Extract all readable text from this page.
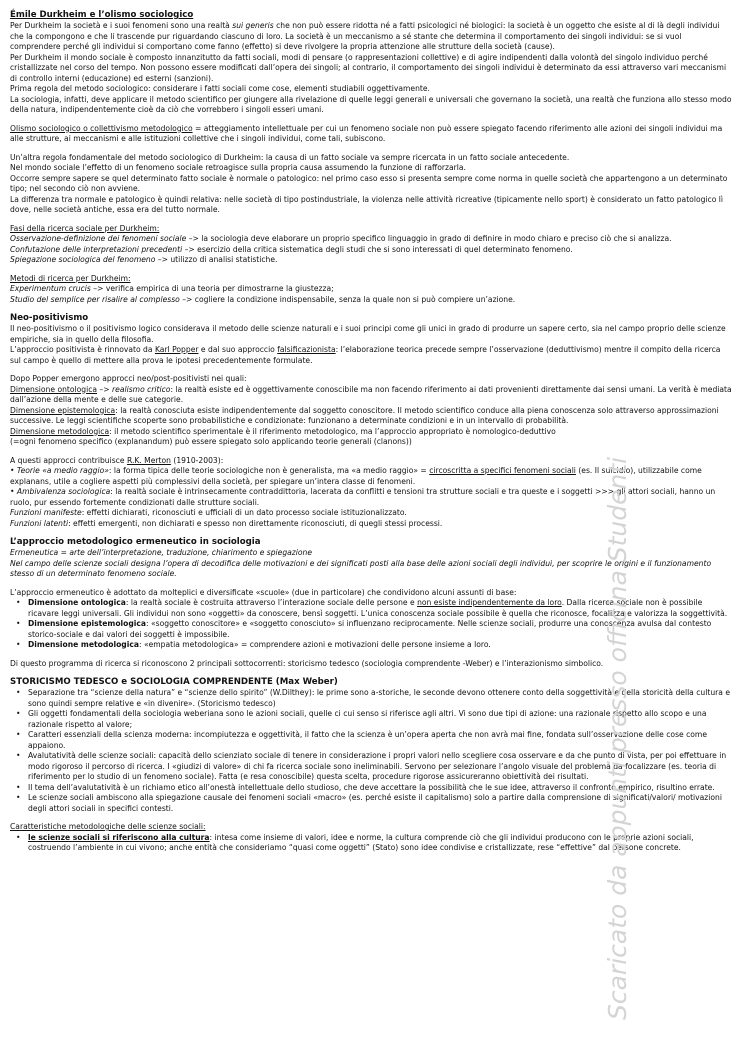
Émile Durkheim e l’olismo sociologico

Per Durkheim la società e i suoi fenomeni sono una realtà sui generis che non può essere ridotta né a fatti psicologici né biologici: la società è un oggetto che esiste al di là degli individui che la compongono e che li trascende pur riguardando ciascuno di loro. La società è un meccanismo a sé stante che determina il comportamento dei singoli individui: se si vuol comprendere perché gli individui si comportano come fanno (effetto) si deve rivolgere la propria attenzione alle strutture della società (cause).

Per Durkheim il mondo sociale è composto innanzitutto da fatti sociali, modi di pensare (o rappresentazioni collettive) e di agire indipendenti dalla volontà del singolo individuo perché cristallizzate nel corso del tempo. Non possono essere modificati dall’opera dei singoli; al contrario, il comportamento dei singoli individui è determinato da essi attraverso vari meccanismi di controllo interni (educazione) ed esterni (sanzioni).

Prima regola del metodo sociologico: considerare i fatti sociali come cose, elementi studiabili oggettivamente.

La sociologia, infatti, deve applicare il metodo scientifico per giungere alla rivelazione di quelle leggi generali e universali che governano la società, una realtà che funziona allo stesso modo della natura, indipendentemente cioè da ciò che vorrebbero i singoli esseri umani.

Olismo sociologico o collettivismo metodologico = atteggiamento intellettuale per cui un fenomeno sociale non può essere spiegato facendo riferimento alle azioni dei singoli individui ma alle strutture, ai meccanismi e alle istituzioni collettive che i singoli individui, come tali, subiscono.

Un’altra regola fondamentale del metodo sociologico di Durkheim: la causa di un fatto sociale va sempre ricercata in un fatto sociale antecedente.

Nel mondo sociale l’effetto di un fenomeno sociale retroagisce sulla propria causa assumendo la funzione di rafforzarla.

Occorre sempre sapere se quel determinato fatto sociale è normale o patologico: nel primo caso esso si presenta sempre come norma in quelle società che appartengono a un determinato tipo; nel secondo ciò non avviene.

La differenza tra normale e patologico è quindi relativa: nelle società di tipo postindustriale, la violenza nelle attività ricreative (tipicamente nello sport) è considerato un fatto patologico lì dove, nelle società antiche, essa era del tutto normale.

Fasi della ricerca sociale per Durkheim:

Osservazione-definizione dei fenomeni sociale –> la sociologia deve elaborare un proprio specifico linguaggio in grado di definire in modo chiaro e preciso ciò che si analizza.

Confutazione delle interpretazioni precedenti –> esercizio della critica sistematica degli studi che si sono interessati di quel determinato fenomeno.

Spiegazione sociologica del fenomeno –> utilizzo di analisi statistiche.

Metodi di ricerca per Durkheim:

Experimentum crucis –> verifica empirica di una teoria per dimostrarne la giustezza;

Studio del semplice per risalire al complesso –> cogliere la condizione indispensabile, senza la quale non si può compiere un’azione.

Neo-positivismo

Il neo-positivismo o il positivismo logico considerava il metodo delle scienze naturali e i suoi principi come gli unici in grado di produrre un sapere certo, sia nel campo proprio delle scienze empiriche, sia in quello della filosofia.

L’approccio positivista è rinnovato da Karl Popper e dal suo approccio falsificazionista: l’elaborazione teorica precede sempre l’osservazione (deduttivismo) mentre il compito della ricerca sul campo è quello di mettere alla prova le ipotesi precedentemente formulate.

Dopo Popper emergono approcci neo/post-positivisti nei quali:

Dimensione ontologica –> realismo critico: la realtà esiste ed è oggettivamente conoscibile ma non facendo riferimento ai dati provenienti direttamente dai sensi umani. La verità è mediata dall’azione della mente e delle sue categorie.

Dimensione epistemologica: la realtà conosciuta esiste indipendentemente dal soggetto conoscitore. Il metodo scientifico conduce alla piena conoscenza solo attraverso approssimazioni successive. Le leggi scientifiche scoperte sono probabilistiche e condizionate: funzionano a determinate condizioni e in un intervallo di probabilità.

Dimensione metodologica: il metodo scientifico sperimentale è il riferimento metodologico, ma l’approccio appropriato è nomologico-deduttivo

(=ogni fenomeno specifico (explanandum) può essere spiegato solo applicando teorie generali (clanons))

A questi approcci contribuisce R.K. Merton (1910-2003):

• Teorie «a medio raggio»: la forma tipica delle teorie sociologiche non è generalista, ma «a medio raggio» = circoscritta a specifici fenomeni sociali (es. Il suicidio), utilizzabile come explanans, utile a cogliere aspetti più complessivi della società, per spiegare un’intera classe di fenomeni.

• Ambivalenza sociologica: la realtà sociale è intrinsecamente contraddittoria, lacerata da conflitti e tensioni tra strutture sociali e tra queste e i soggetti >>> gli attori sociali, hanno un ruolo, pur essendo fortemente condizionati dalle strutture sociali.

Funzioni manifeste: effetti dichiarati, riconosciuti e ufficiali di un dato processo sociale istituzionalizzato.

Funzioni latenti: effetti emergenti, non dichiarati e spesso non direttamente riconosciuti, di quegli stessi processi.

L’approccio metodologico ermeneutico in sociologia

Ermeneutica = arte dell’interpretazione, traduzione, chiarimento e spiegazione

Nel campo delle scienze sociali designa l’opera di decodifica delle motivazioni e dei significati posti alla base delle azioni sociali degli individui, per scoprire le origini e il funzionamento stesso di un determinato fenomeno sociale.

L’approccio ermeneutico è adottato da molteplici e diversificate «scuole» (due in particolare) che condividono alcuni assunti di base:

• Dimensione ontologica: la realtà sociale è costruita attraverso l’interazione sociale delle persone e non esiste indipendentemente da loro. Dalla ricerca sociale non è possibile ricavare leggi universali. Gli individui non sono «oggetti» da conoscere, bensì soggetti. L’unica conoscenza sociale possibile è quella che riconosce, focalizza e valorizza la soggettività.
• Dimensione epistemologica: «soggetto conoscitore» e «soggetto conosciuto» si influenzano reciprocamente. Nelle scienze sociali, produrre una conoscenza avulsa dal contesto storico-sociale e dai valori dei soggetti è impossibile.
• Dimensione metodologica: «empatia metodologica» = comprendere azioni e motivazioni delle persone insieme a loro.

Di questo programma di ricerca si riconoscono 2 principali sottocorrenti: storicismo tedesco (sociologia comprendente -Weber) e l’interazionismo simbolico.

STORICISMO TEDESCO e SOCIOLOGIA COMPRENDENTE (Max Weber)

• Separazione tra “scienze della natura” e “scienze dello spirito” (W.Dilthey): le prime sono a-storiche, le seconde devono ottenere conto della soggettività e della storicità della cultura e sono quindi sempre relative e «in divenire». (Storicismo tedesco)
• Gli oggetti fondamentali della sociologia weberiana sono le azioni sociali, quelle ci cui senso si riferisce agli altri. Vi sono due tipi di azione: una razionale rispetto allo scopo e una razionale rispetto al valore;
• Caratteri essenziali della scienza moderna: incompiutezza e oggettività, il fatto che la scienza è un’opera aperta che non avrà mai fine, fondata sull’osservazione delle cose come appaiono.
• Avalutatività delle scienze sociali: capacità dello scienziato sociale di tenere in considerazione i propri valori nello scegliere cosa osservare e da che punto di vista, per poi effettuare in modo rigoroso il percorso di ricerca. I «giudizi di valore» di chi fa ricerca sociale sono ineliminabili. Servono per selezionare l’angolo visuale del problema da focalizzare (es. teoria di riferimento per lo studio di un fenomeno sociale). Fatta (e resa conoscibile) questa scelta, procedure rigorose assicureranno obiettività dei risultati.
• Il tema dell’avalutatività è un richiamo etico all’onestà intellettuale dello studioso, che deve accettare la possibilità che le sue idee, attraverso il confronto empirico, risultino errate.
• Le scienze sociali ambiscono alla spiegazione causale dei fenomeni sociali «macro» (es. perché esiste il capitalismo) solo a partire dalla comprensione di significati/valori/ motivazioni degli attori sociali in specifici contesti.

Caratteristiche metodologiche delle scienze sociali:

• le scienze sociali si riferiscono alla cultura: intesa come insieme di valori, idee e norme, la cultura comprende ciò che gli individui producono con le proprie azioni sociali, costruendo l’ambiente in cui vivono; anche entità che consideriamo “quasi come oggetti” (Stato) sono idee condivise e cristallizzate, rese “effettive” dal persone concrete.
Scaricato da appunti presso officina Studenti
